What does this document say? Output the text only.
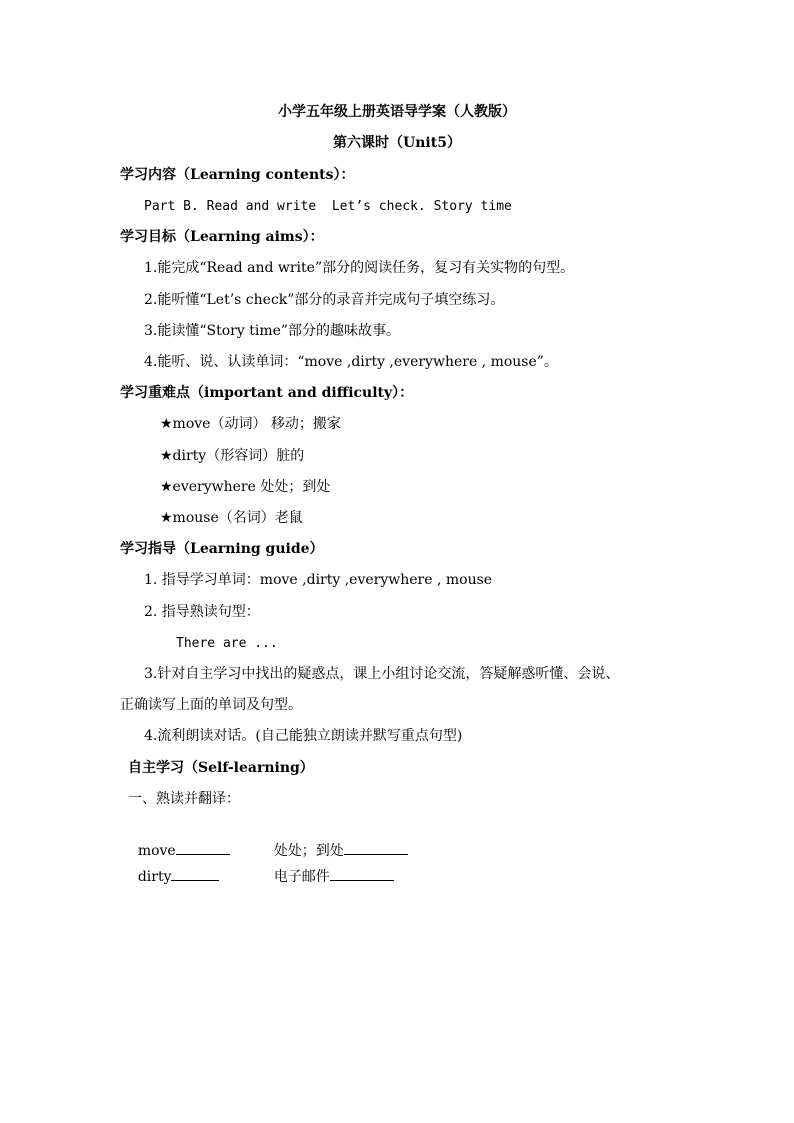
小学五年级上册英语导学案（人教版）
第六课时（Unit5）
学习内容（Learning contents）：
Part B. Read and write  Let’s check. Story time
学习目标（Learning aims）：
1.能完成“Read and write”部分的阅读任务，复习有关实物的句型。
2.能听懂“Let’s check”部分的录音并完成句子填空练习。
3.能读懂“Story time”部分的趣味故事。
4.能听、说、认读单词：“move ,dirty ,everywhere , mouse”。
学习重难点（important and difficulty）：
★move（动词） 移动；搬家
★dirty（形容词）脏的
★everywhere 处处；到处
★mouse（名词）老鼠
学习指导（Learning guide）
1. 指导学习单词：move ,dirty ,everywhere , mouse
2. 指导熟读句型：
There are ...
3.针对自主学习中找出的疑惑点，课上小组讨论交流，答疑解惑听懂、会说、
正确读写上面的单词及句型。
4.流利朗读对话。(自己能独立朗读并默写重点句型)
自主学习（Self-learning）
一、熟读并翻译：

move
	处处；到处

dirty
	电子邮件
